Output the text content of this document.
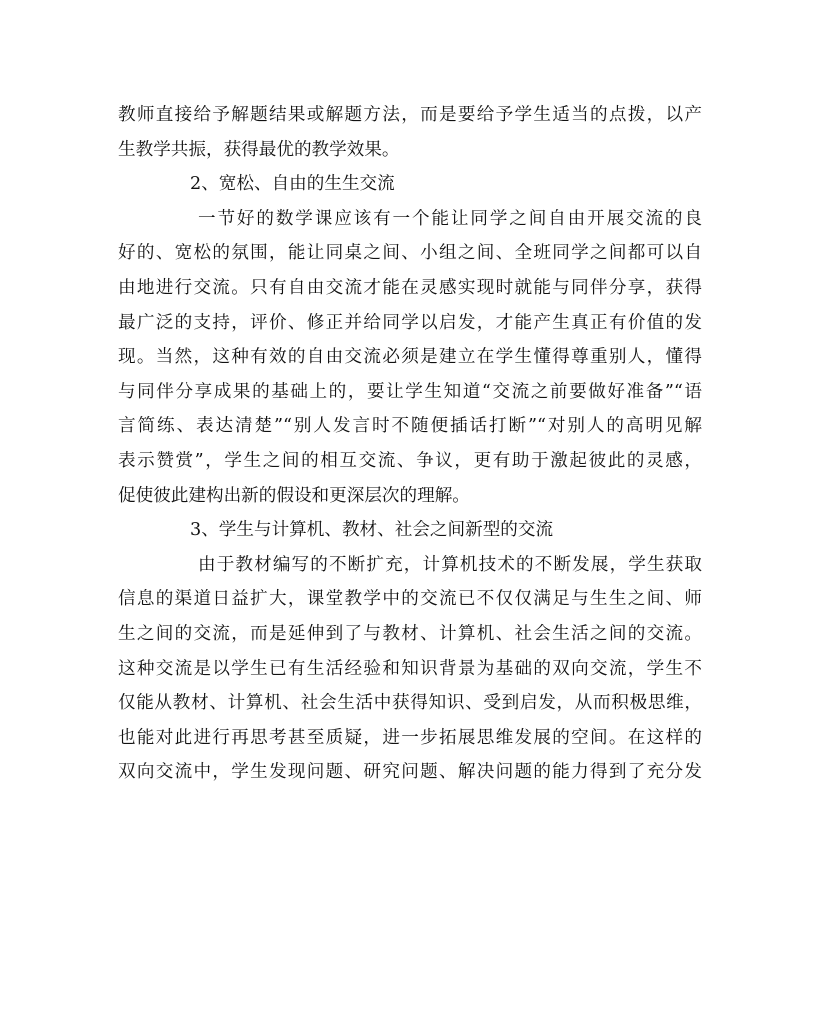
教师直接给予解题结果或解题方法，而是要给予学生适当的点拨，以产
生教学共振，获得最优的教学效果。
2、宽松、自由的生生交流
一节好的数学课应该有一个能让同学之间自由开展交流的良
好的、宽松的氛围，能让同桌之间、小组之间、全班同学之间都可以自
由地进行交流。只有自由交流才能在灵感实现时就能与同伴分享，获得
最广泛的支持，评价、修正并给同学以启发，才能产生真正有价值的发
现。当然，这种有效的自由交流必须是建立在学生懂得尊重别人，懂得
与同伴分享成果的基础上的，要让学生知道“交流之前要做好准备”“语
言简练、表达清楚”“别人发言时不随便插话打断”“对别人的高明见解
表示赞赏”，学生之间的相互交流、争议，更有助于激起彼此的灵感，
促使彼此建构出新的假设和更深层次的理解。
3、学生与计算机、教材、社会之间新型的交流
由于教材编写的不断扩充，计算机技术的不断发展，学生获取
信息的渠道日益扩大，课堂教学中的交流已不仅仅满足与生生之间、师
生之间的交流，而是延伸到了与教材、计算机、社会生活之间的交流。
这种交流是以学生已有生活经验和知识背景为基础的双向交流，学生不
仅能从教材、计算机、社会生活中获得知识、受到启发，从而积极思维，
也能对此进行再思考甚至质疑，进一步拓展思维发展的空间。在这样的
双向交流中，学生发现问题、研究问题、解决问题的能力得到了充分发
